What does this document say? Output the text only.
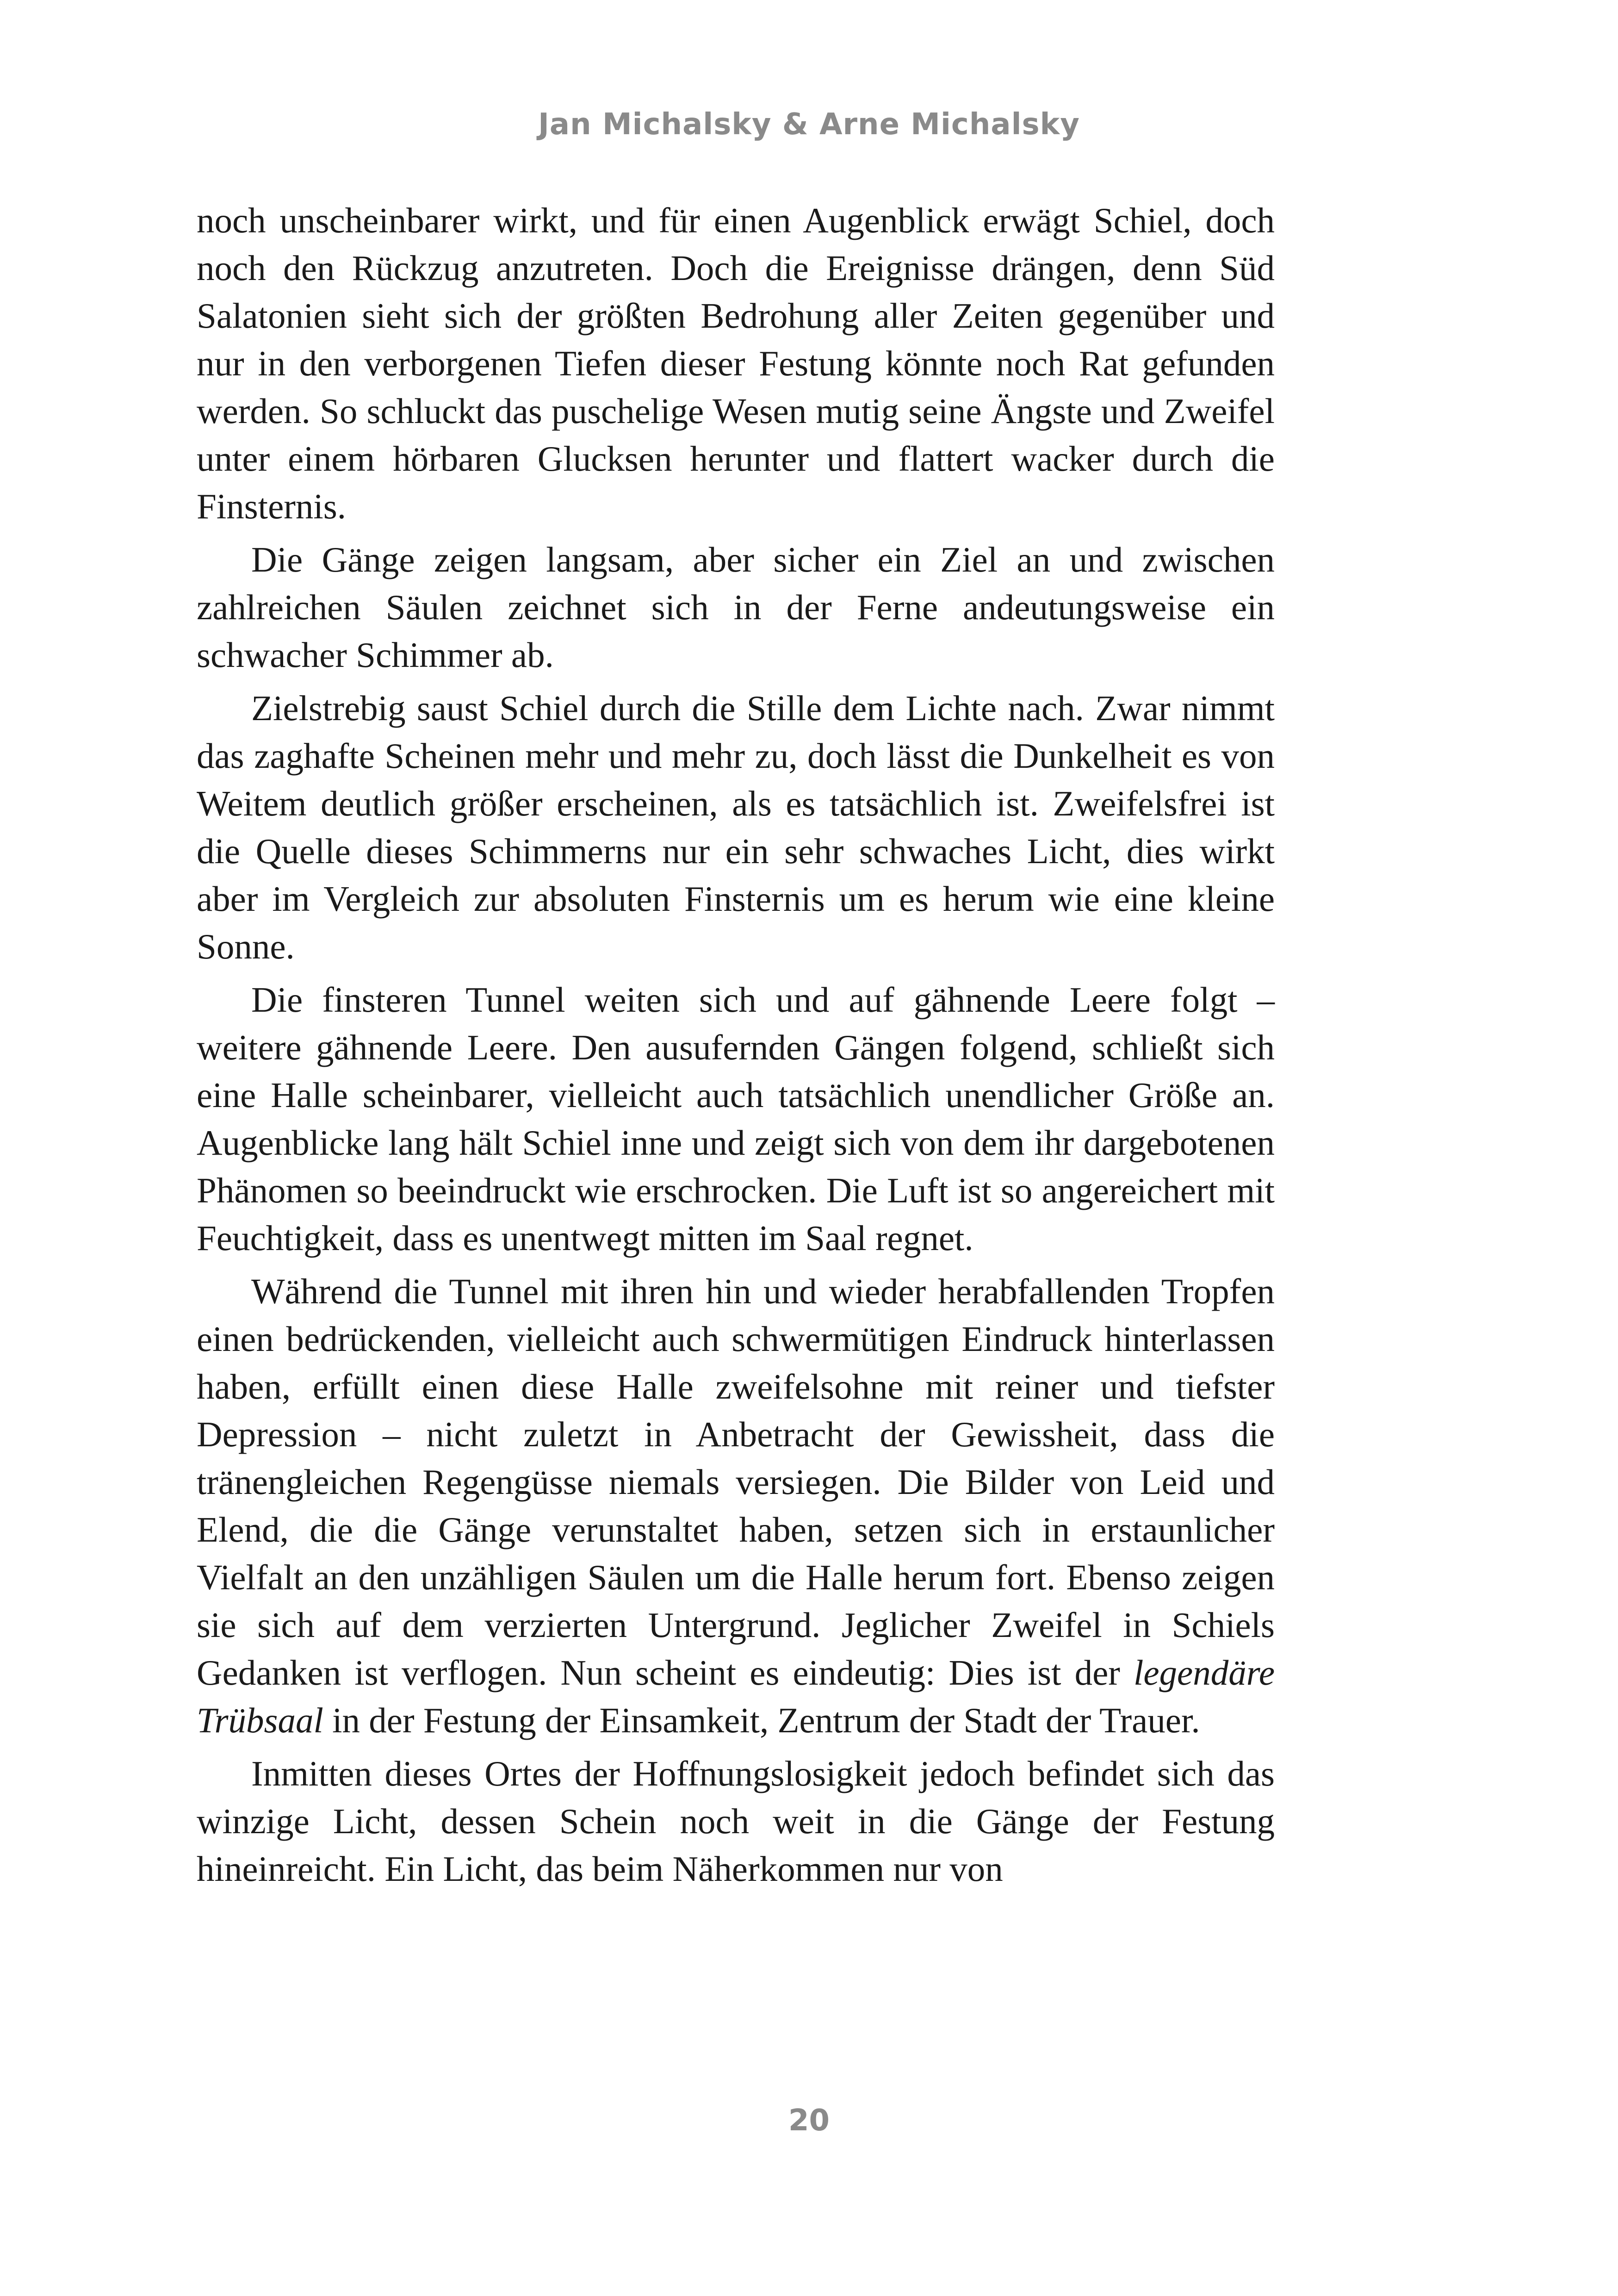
Jan Michalsky & Arne Michalsky

noch unscheinbarer wirkt, und für einen Augenblick erwägt Schiel, doch noch den Rückzug anzutreten. Doch die Ereignisse drängen, denn Süd Salatonien sieht sich der größten Bedrohung aller Zeiten gegenüber und nur in den verborgenen Tiefen dieser Festung könnte noch Rat gefunden werden. So schluckt das puschelige Wesen mutig seine Ängste und Zweifel unter einem hörbaren Glucksen herunter und flattert wacker durch die Finsternis.

Die Gänge zeigen langsam, aber sicher ein Ziel an und zwischen zahlreichen Säulen zeichnet sich in der Ferne andeutungsweise ein schwacher Schimmer ab.

Zielstrebig saust Schiel durch die Stille dem Lichte nach. Zwar nimmt das zaghafte Scheinen mehr und mehr zu, doch lässt die Dunkelheit es von Weitem deutlich größer erscheinen, als es tatsächlich ist. Zweifelsfrei ist die Quelle dieses Schimmerns nur ein sehr schwaches Licht, dies wirkt aber im Vergleich zur absoluten Finsternis um es herum wie eine kleine Sonne.

Die finsteren Tunnel weiten sich und auf gähnende Leere folgt – weitere gähnende Leere. Den ausufernden Gängen folgend, schließt sich eine Halle scheinbarer, vielleicht auch tatsächlich unendlicher Größe an. Augenblicke lang hält Schiel inne und zeigt sich von dem ihr dargebotenen Phänomen so beeindruckt wie erschrocken. Die Luft ist so angereichert mit Feuchtigkeit, dass es unentwegt mitten im Saal regnet.

Während die Tunnel mit ihren hin und wieder herabfallenden Tropfen einen bedrückenden, vielleicht auch schwermütigen Eindruck hinterlassen haben, erfüllt einen diese Halle zweifelsohne mit reiner und tiefster Depression – nicht zuletzt in Anbetracht der Gewissheit, dass die tränengleichen Regengüsse niemals versiegen. Die Bilder von Leid und Elend, die die Gänge verunstaltet haben, setzen sich in erstaunlicher Vielfalt an den unzähligen Säulen um die Halle herum fort. Ebenso zeigen sie sich auf dem verzierten Untergrund. Jeglicher Zweifel in Schiels Gedanken ist verflogen. Nun scheint es eindeutig: Dies ist der legendäre Trübsaal in der Festung der Einsamkeit, Zentrum der Stadt der Trauer.

Inmitten dieses Ortes der Hoffnungslosigkeit jedoch befindet sich das winzige Licht, dessen Schein noch weit in die Gänge der Festung hineinreicht. Ein Licht, das beim Näherkommen nur von

20
